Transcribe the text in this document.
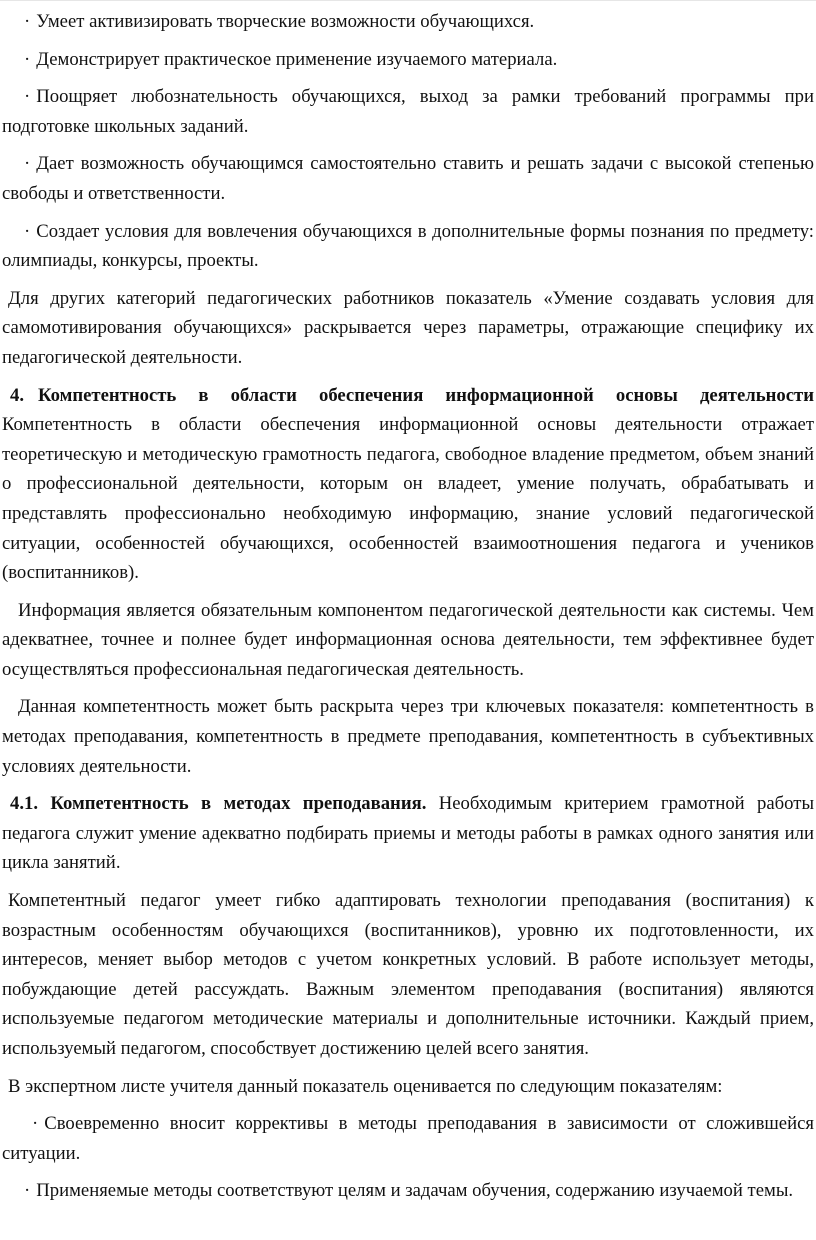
· Умеет активизировать творческие возможности обучающихся.

· Демонстрирует практическое применение изучаемого материала.

· Поощряет любознательность обучающихся, выход за рамки требований программы при подготовке школьных заданий.

· Дает возможность обучающимся самостоятельно ставить и решать задачи с высокой степенью свободы и ответственности.

· Создает условия для вовлечения обучающихся в дополнительные формы познания по предмету: олимпиады, конкурсы, проекты.

Для других категорий педагогических работников показатель «Умение создавать условия для самомотивирования обучающихся» раскрывается через параметры, отражающие специфику их педагогической деятельности.

4. Компетентность в области обеспечения информационной основы деятельности Компетентность в области обеспечения информационной основы деятельности отражает теоретическую и методическую грамотность педагога, свободное владение предметом, объем знаний о профессиональной деятельности, которым он владеет, умение получать, обрабатывать и представлять профессионально необходимую информацию, знание условий педагогической ситуации, особенностей обучающихся, особенностей взаимоотношения педагога и учеников (воспитанников).

Информация является обязательным компонентом педагогической деятельности как системы. Чем адекватнее, точнее и полнее будет информационная основа деятельности, тем эффективнее будет осуществляться профессиональная педагогическая деятельность.

Данная компетентность может быть раскрыта через три ключевых показателя: компетентность в методах преподавания, компетентность в предмете преподавания, компетентность в субъективных условиях деятельности.

4.1. Компетентность в методах преподавания. Необходимым критерием грамотной работы педагога служит умение адекватно подбирать приемы и методы работы в рамках одного занятия или цикла занятий.

Компетентный педагог умеет гибко адаптировать технологии преподавания (воспитания) к возрастным особенностям обучающихся (воспитанников), уровню их подготовленности, их интересов, меняет выбор методов с учетом конкретных условий. В работе использует методы, побуждающие детей рассуждать. Важным элементом преподавания (воспитания) являются используемые педагогом методические материалы и дополнительные источники. Каждый прием, используемый педагогом, способствует достижению целей всего занятия.

В экспертном листе учителя данный показатель оценивается по следующим показателям:

· Своевременно вносит коррективы в методы преподавания в зависимости от сложившейся ситуации.

· Применяемые методы соответствуют целям и задачам обучения, содержанию изучаемой темы.
